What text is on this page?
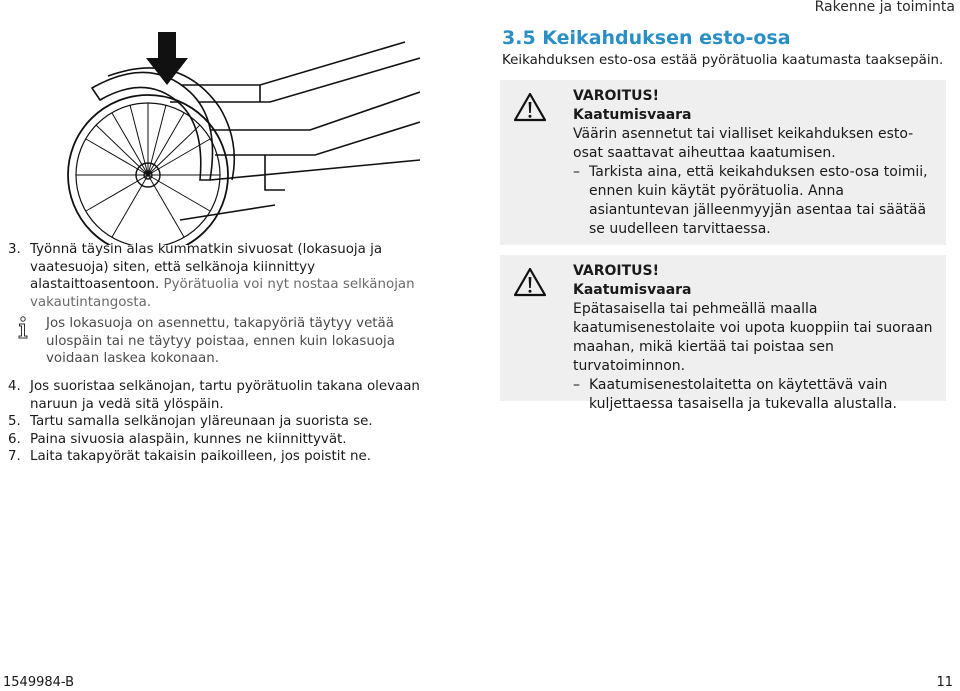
Rakenne ja toiminta
3. Työnnä täysin alas kummatkin sivuosat (lokasuoja ja vaatesuoja) siten, että selkänoja kiinnittyy alastaittoasentoon. Pyörätuolia voi nyt nostaa selkänojan vakautintangosta.
Jos lokasuoja on asennettu, takapyöriä täytyy vetää ulospäin tai ne täytyy poistaa, ennen kuin lokasuoja voidaan laskea kokonaan.
4. Jos suoristaa selkänojan, tartu pyörätuolin takana olevaan naruun ja vedä sitä ylöspäin.
5. Tartu samalla selkänojan yläreunaan ja suorista se.
6. Paina sivuosia alaspäin, kunnes ne kiinnittyvät.
7. Laita takapyörät takaisin paikoilleen, jos poistit ne.
3.5 Keikahduksen esto-osa
Keikahduksen esto-osa estää pyörätuolia kaatumasta taaksepäin.
VAROITUS!
Kaatumisvaara
Väärin asennetut tai vialliset keikahduksen esto-osat saattavat aiheuttaa kaatumisen.
– Tarkista aina, että keikahduksen esto-osa toimii, ennen kuin käytät pyörätuolia. Anna asiantuntevan jälleenmyyjän asentaa tai säätää se uudelleen tarvittaessa.
VAROITUS!
Kaatumisvaara
Epätasaisella tai pehmeällä maalla kaatumisenestolaite voi upota kuoppiin tai suoraan maahan, mikä kiertää tai poistaa sen turvatoiminnon.
– Kaatumisenestolaitetta on käytettävä vain kuljettaessa tasaisella ja tukevalla alustalla.
1549984-B	11
